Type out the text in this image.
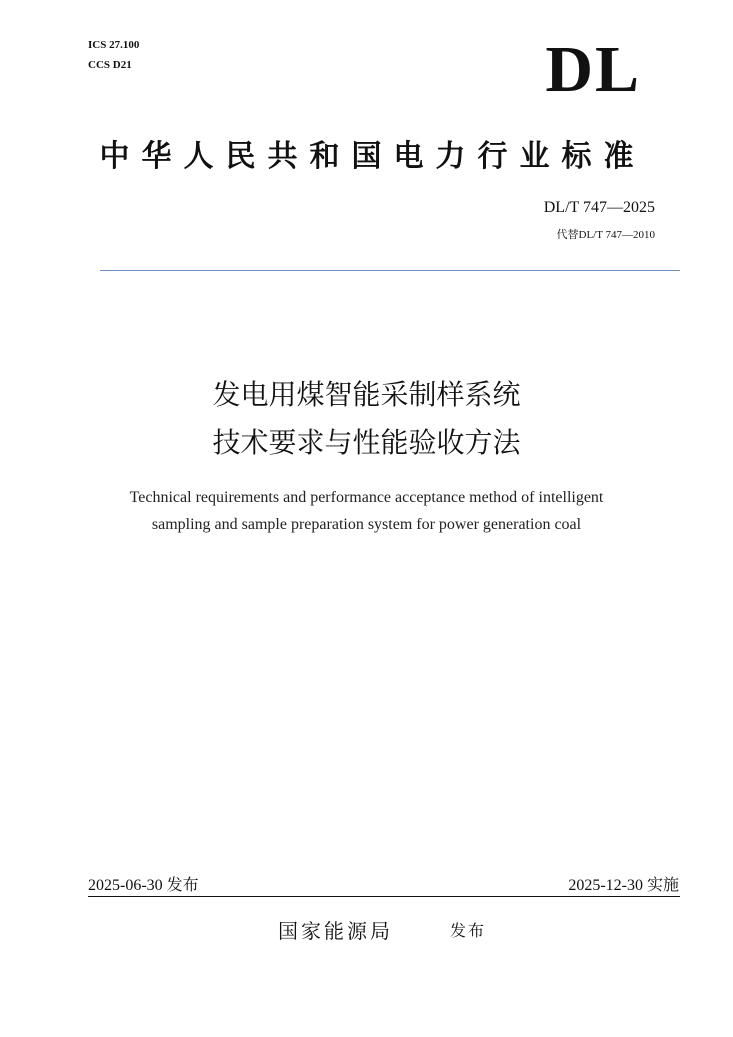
ICS 27.100
CCS D21	DL
中华人民共和国电力行业标准
DL/T 747—2025
代替DL/T 747—2010
发电用煤智能采制样系统
技术要求与性能验收方法
Technical requirements and performance acceptance method of intelligent
sampling and sample preparation system for power generation coal
2025-06-30 发布	2025-12-30 实施
国家能源局	发布
